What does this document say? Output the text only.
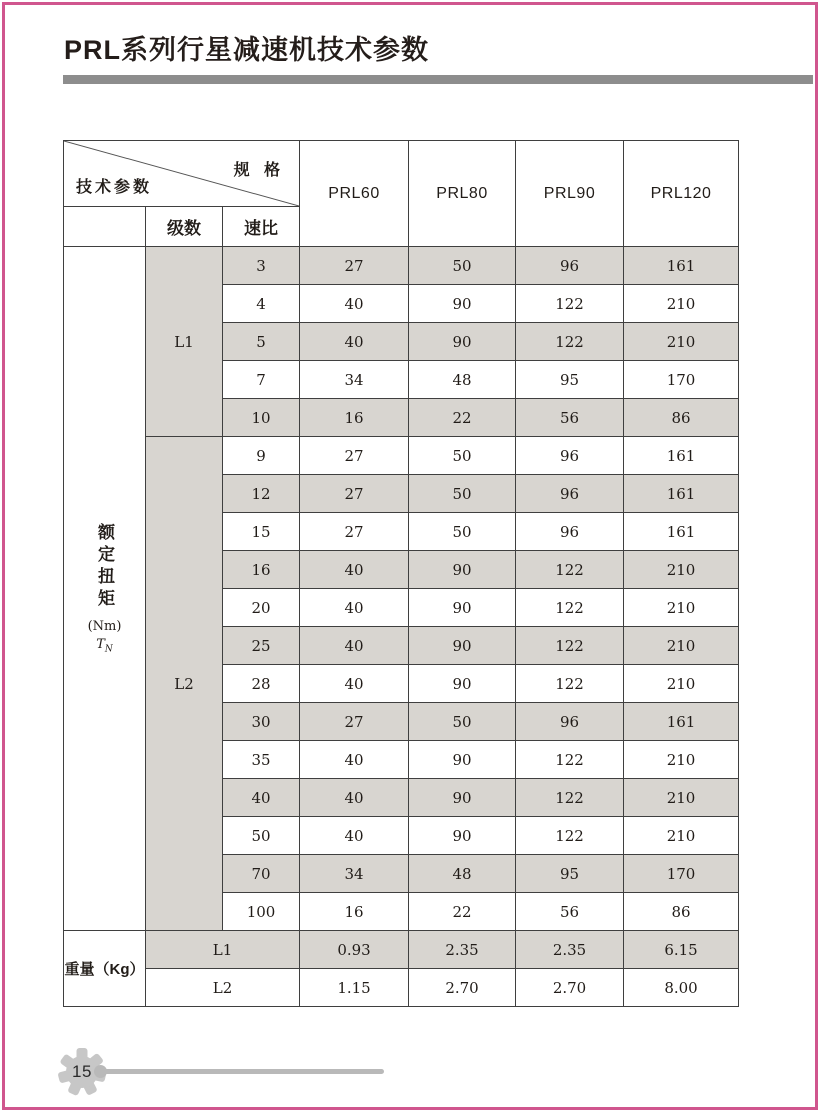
PRL系列行星减速机技术参数
规 格
技术参数			PRL60	PRL80	PRL90	PRL120
	级数	速比				

额定扭矩
(Nm)
$T_N$	L1	3	27	50	96	161
		4	40	90	122	210
		5	40	90	122	210
		7	34	48	95	170
		10	16	22	56	86
	L2	9	27	50	96	161
		12	27	50	96	161
		15	27	50	96	161
		16	40	90	122	210
		20	40	90	122	210
		25	40	90	122	210
		28	40	90	122	210
		30	27	50	96	161
		35	40	90	122	210
		40	40	90	122	210
		50	40	90	122	210
		70	34	48	95	170
		100	16	22	56	86
重量（Kg）	L1		0.93	2.35	2.35	6.15
	L2		1.15	2.70	2.70	8.00
15
